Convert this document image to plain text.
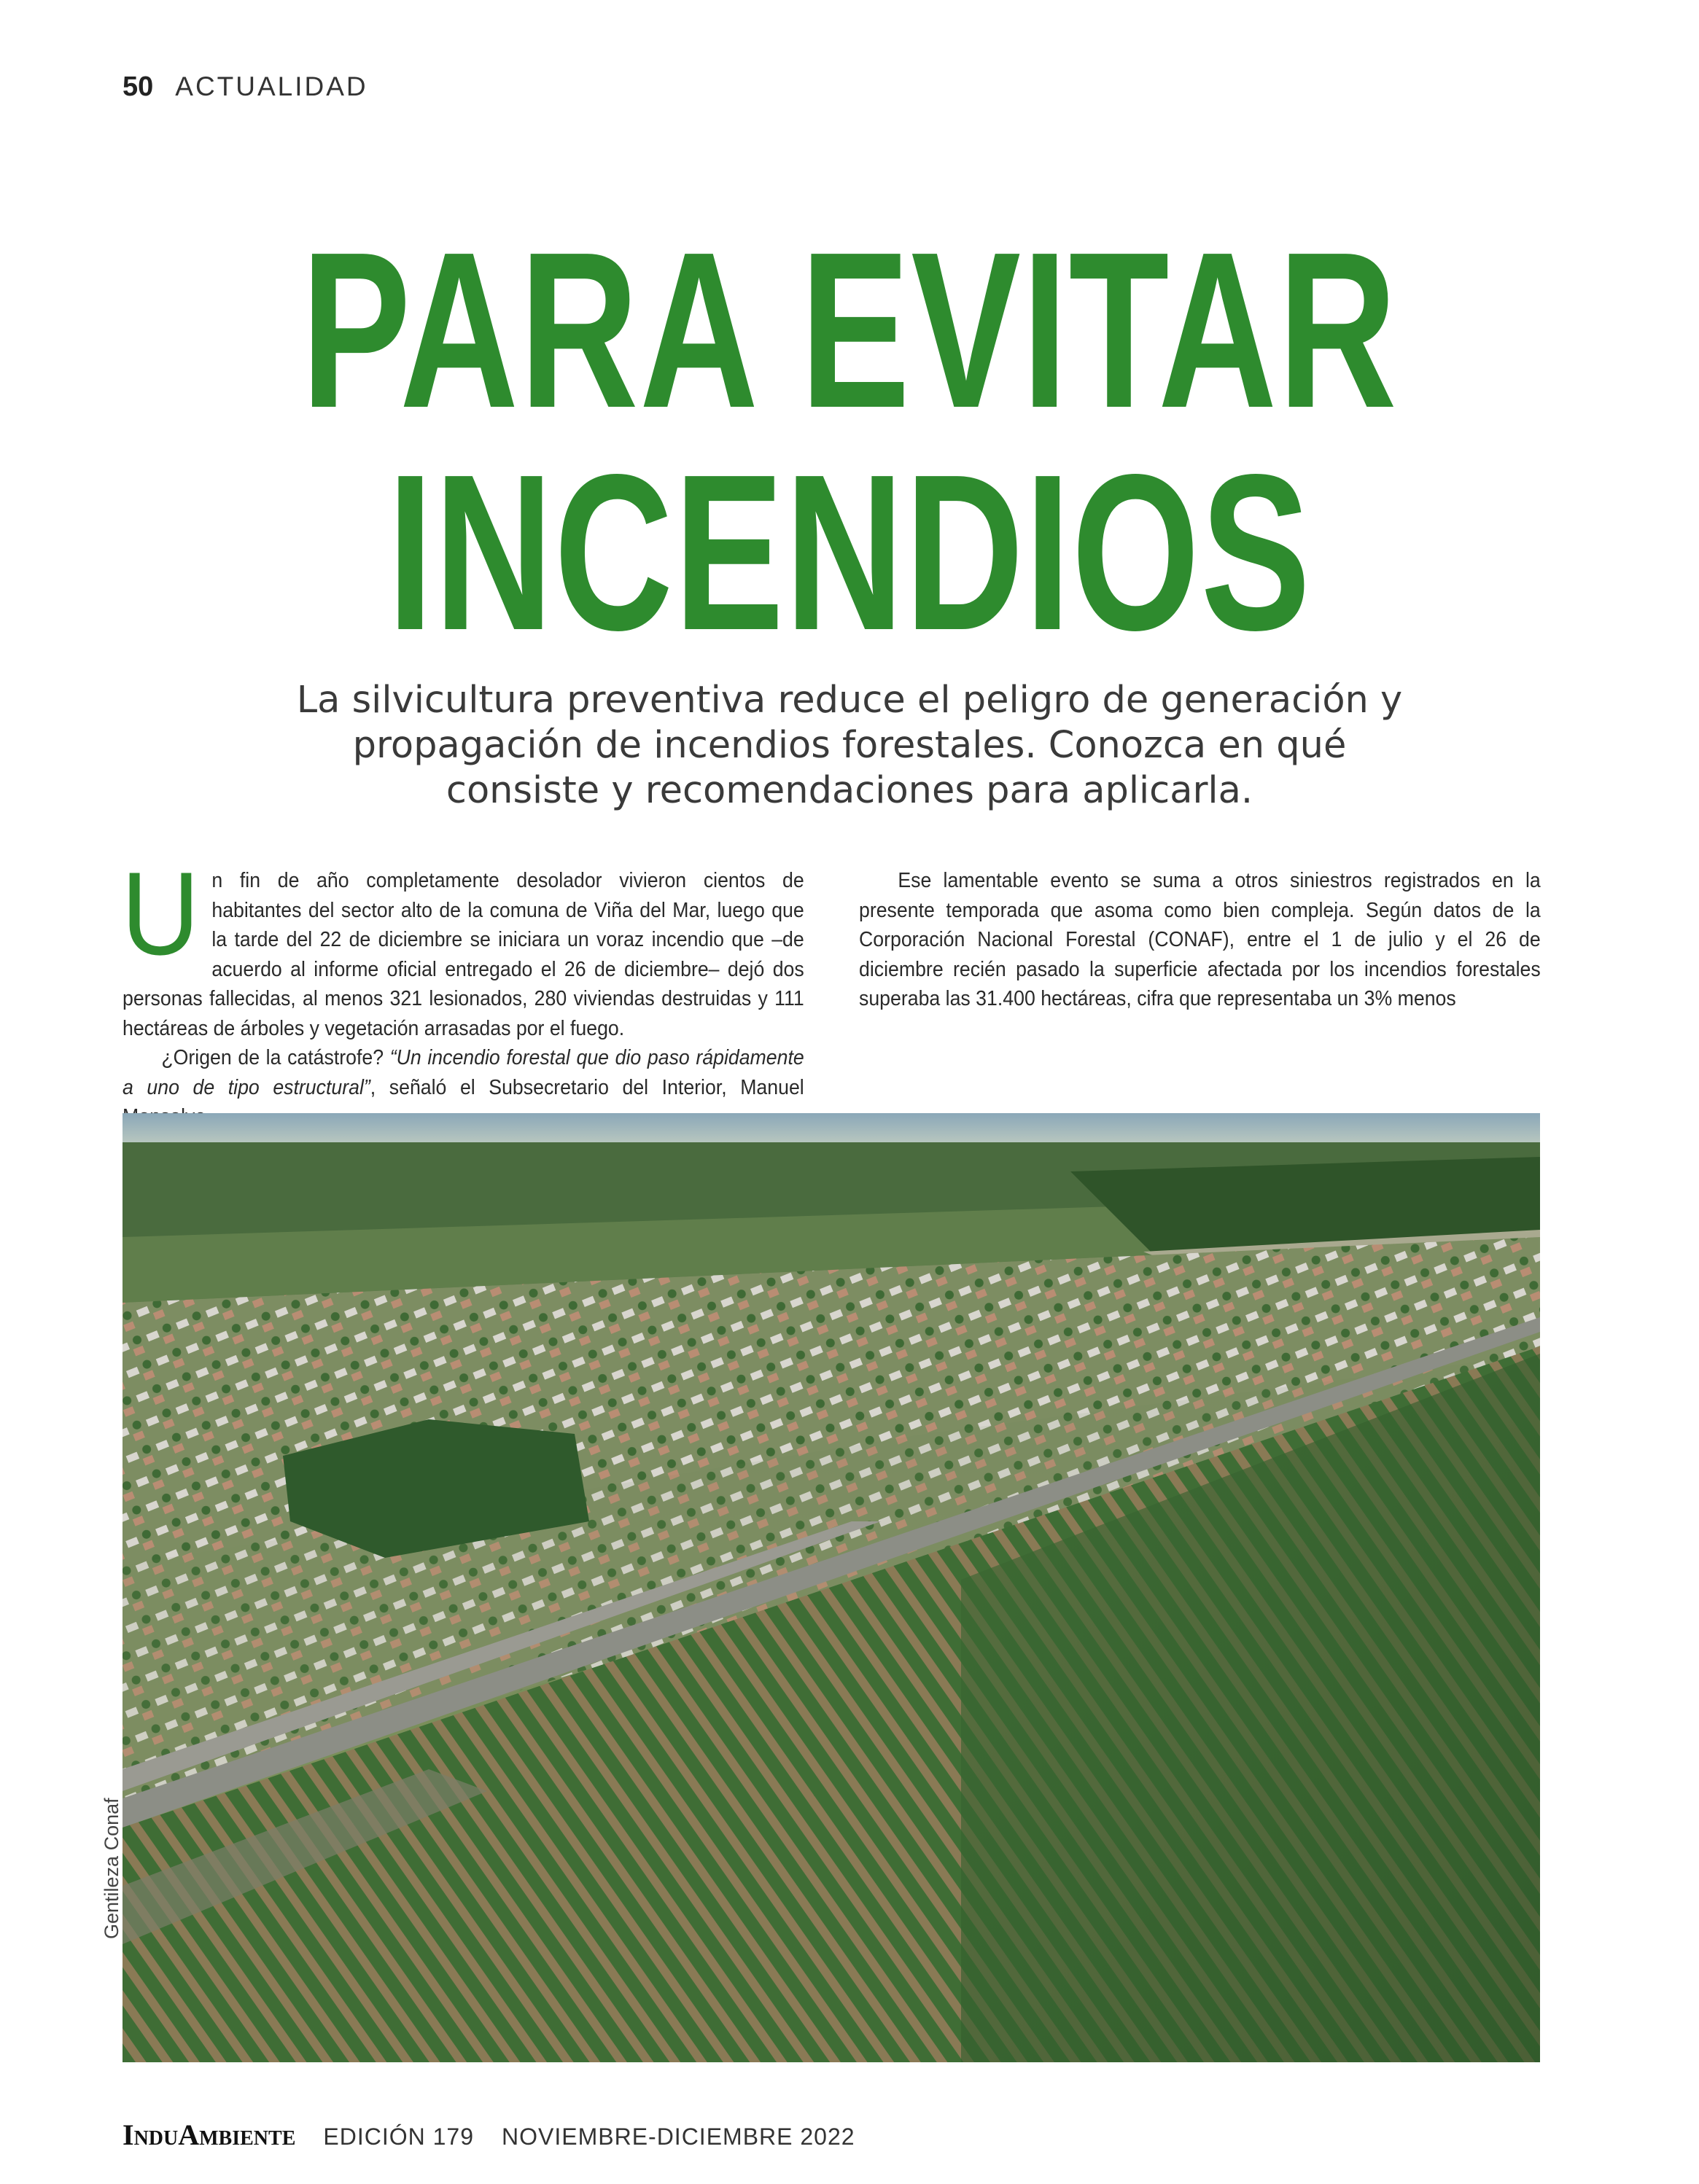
50 ACTUALIDAD
PARA EVITAR
INCENDIOS

La silvicultura preventiva reduce el peligro de generación y propagación de incendios forestales. Conozca en qué consiste y recomendaciones para aplicarla.

Un fin de año completamente desolador vivieron cientos de habitantes del sector alto de la comuna de Viña del Mar, luego que la tarde del 22 de diciembre se iniciara un voraz incendio que –de acuerdo al informe oficial entregado el 26 de diciembre– dejó dos personas fallecidas, al menos 321 lesionados, 280 viviendas destruidas y 111 hectáreas de árboles y vegetación arrasadas por el fuego.

¿Origen de la catástrofe? “Un incendio forestal que dio paso rápidamente a uno de tipo estructural”, señaló el Subsecretario del Interior, Manuel

Ese lamentable evento se suma a otros siniestros registrados en la presente temporada que asoma como bien compleja. Según datos de la Corporación Nacional Forestal (CONAF), entre el 1 de julio y el 26 de diciembre recién pasado la superficie afectada por los incendios forestales superaba las 31.400 hectáreas, cifra que representaba un 3% menos

Gentileza Conaf
InduAmbiente EDICIÓN 179 NOVIEMBRE-DICIEMBRE 2022
